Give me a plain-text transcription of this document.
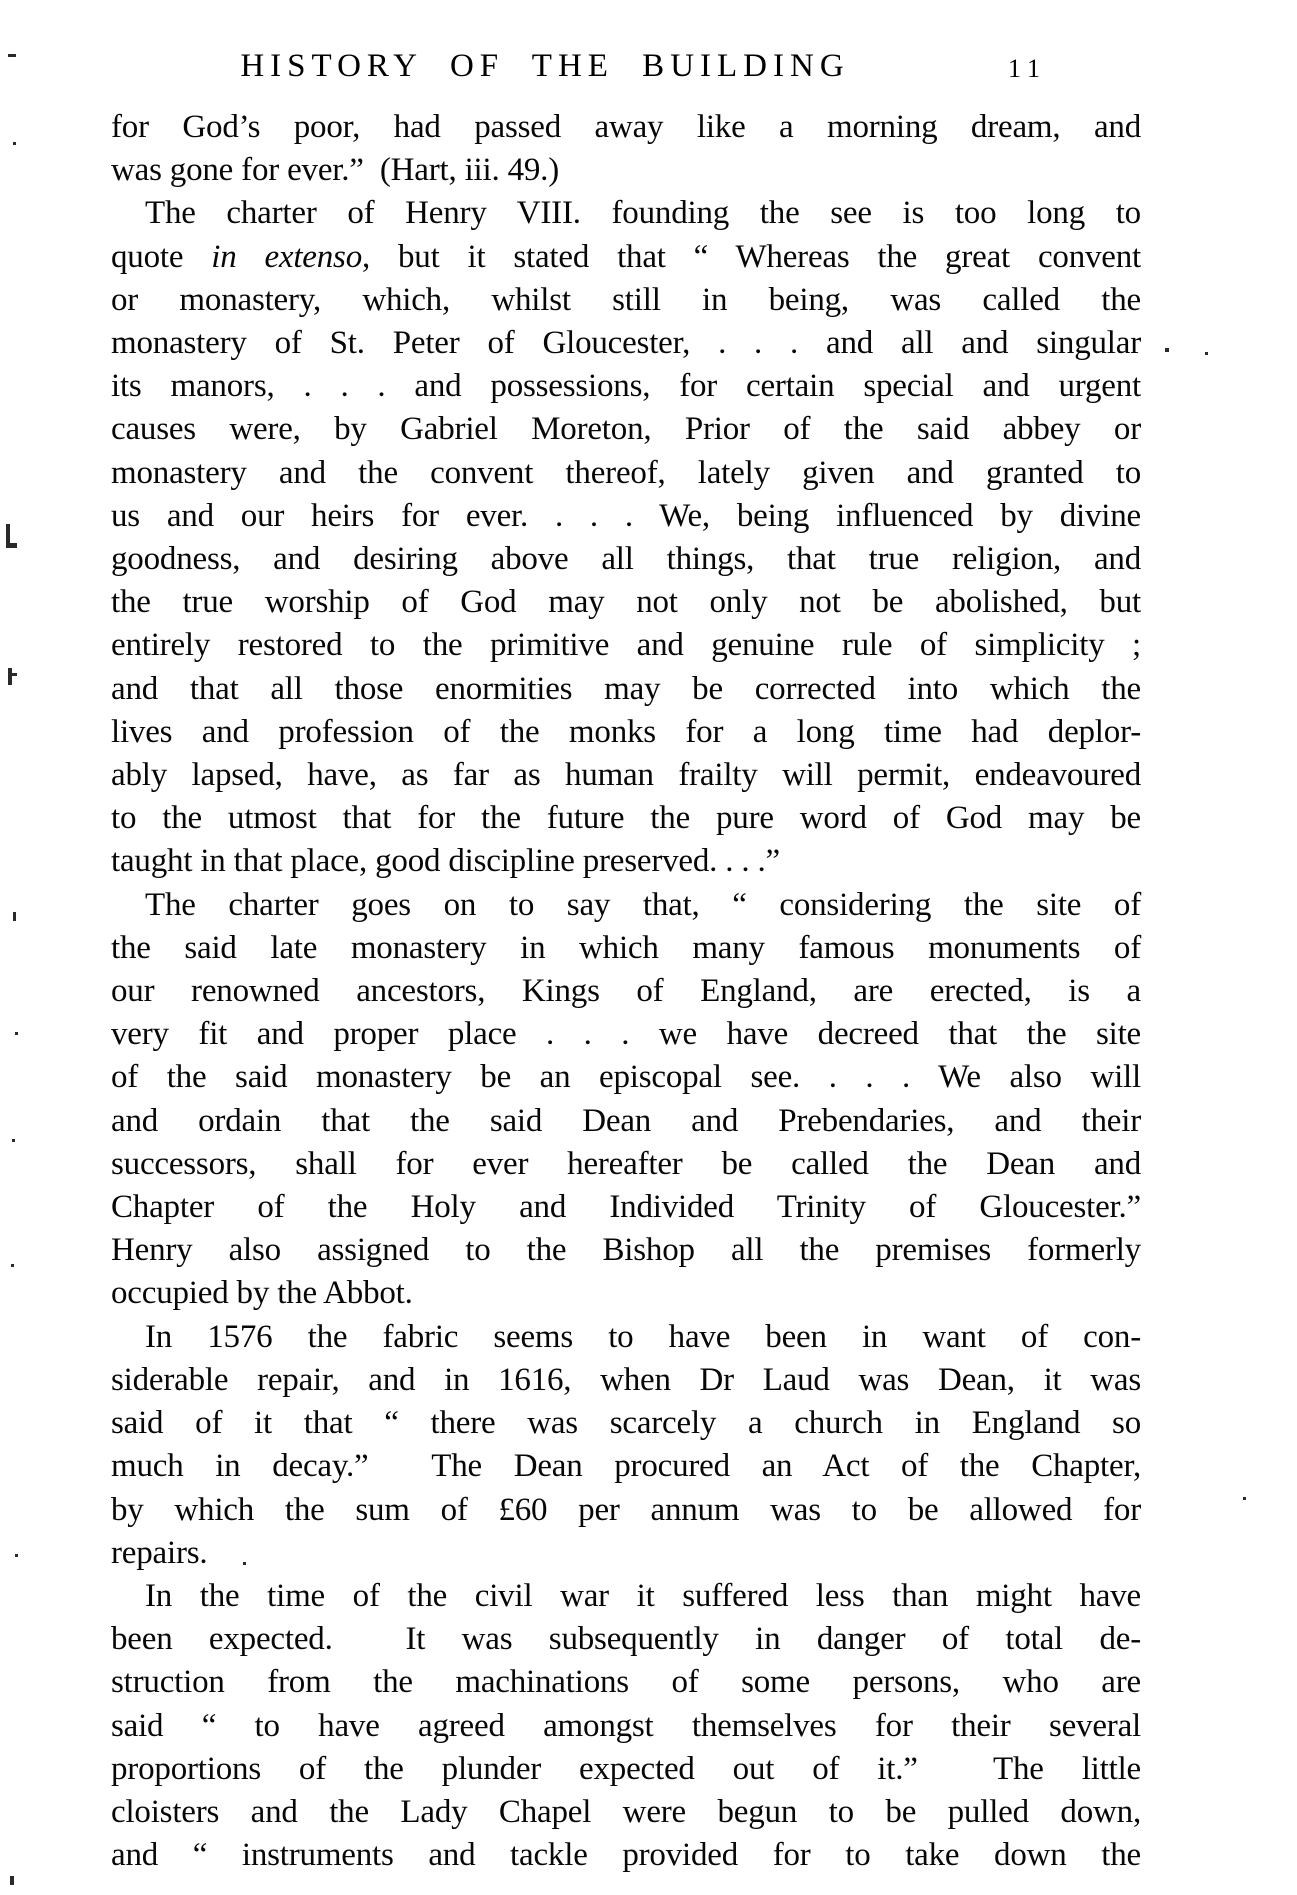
HISTORY OF THE BUILDING	11
for God’s poor, had passed away like a morning dream, and
was gone for ever.”  (Hart, iii. 49.)
The charter of Henry VIII. founding the see is too long to
quote in extenso, but it stated that “ Whereas the great convent
or monastery, which, whilst still in being, was called the
monastery of St. Peter of Gloucester, . . . and all and singular
its manors, . . . and possessions, for certain special and urgent
causes were, by Gabriel Moreton, Prior of the said abbey or
monastery and the convent thereof, lately given and granted to
us and our heirs for ever. . . . We, being influenced by divine
goodness, and desiring above all things, that true religion, and
the true worship of God may not only not be abolished, but
entirely restored to the primitive and genuine rule of simplicity ;
and that all those enormities may be corrected into which the
lives and profession of the monks for a long time had deplor-
ably lapsed, have, as far as human frailty will permit, endeavoured
to the utmost that for the future the pure word of God may be
taught in that place, good discipline preserved. . . .”
The charter goes on to say that, “ considering the site of
the said late monastery in which many famous monuments of
our renowned ancestors, Kings of England, are erected, is a
very fit and proper place . . . we have decreed that the site
of the said monastery be an episcopal see. . . . We also will
and ordain that the said Dean and Prebendaries, and their
successors, shall for ever hereafter be called the Dean and
Chapter of the Holy and Individed Trinity of Gloucester.”
Henry also assigned to the Bishop all the premises formerly
occupied by the Abbot.
In 1576 the fabric seems to have been in want of con-
siderable repair, and in 1616, when Dr Laud was Dean, it was
said of it that “ there was scarcely a church in England so
much in decay.”  The Dean procured an Act of the Chapter,
by which the sum of £60 per annum was to be allowed for
repairs.
In the time of the civil war it suffered less than might have
been expected.  It was subsequently in danger of total de-
struction from the machinations of some persons, who are
said “ to have agreed amongst themselves for their several
proportions of the plunder expected out of it.”  The little
cloisters and the Lady Chapel were begun to be pulled down,
and “ instruments and tackle provided for to take down the
